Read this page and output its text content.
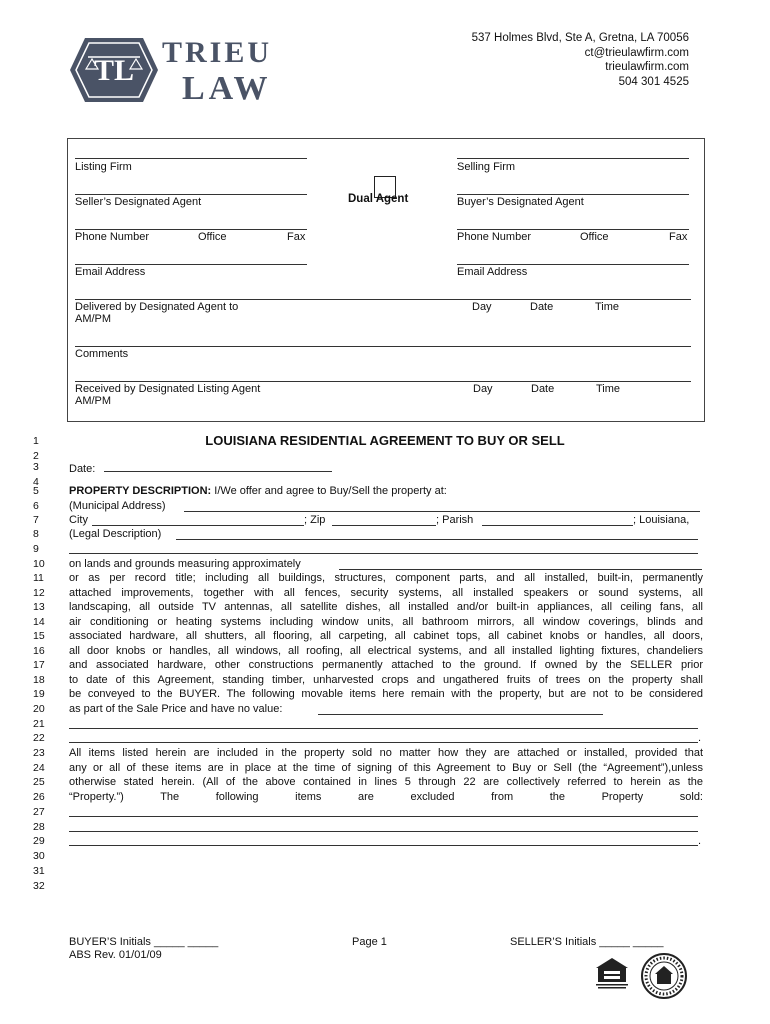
537 Holmes Blvd, Ste A, Gretna, LA 70056
ct@trieulawfirm.com
trieulawfirm.com
504 301 4525
TL
TRIEU
LAW
Listing Firm	Selling Firm
Seller’s Designated Agent	Buyer’s Designated Agent
Dual Agent
Phone Number	Office	Fax	Phone Number	Office	Fax
Email Address	Email Address
Delivered by Designated Agent to	Day	Date	Time
AM/PM
Comments
Received by Designated Listing Agent	Day	Date	Time
AM/PM
LOUISIANA RESIDENTIAL AGREEMENT TO BUY OR SELL
1
2
3
4
5
6
7
8
9
10
11
12
13
14
15
16
17
18
19
20
21
22
23
24
25
26
27
28
29
30
31
32
Date:
PROPERTY DESCRIPTION: I/We offer and agree to Buy/Sell the property at:
(Municipal Address)
City	; Zip	; Parish	; Louisiana,
(Legal Description)
on lands and grounds measuring approximately
or as per record title; including all buildings, structures, component parts, and all installed, built-in, permanently
attached improvements, together with all fences, security systems, all installed speakers or sound systems, all
landscaping, all outside TV antennas, all satellite dishes, all installed and/or built-in appliances, all ceiling fans, all
air conditioning or heating systems including window units, all bathroom mirrors, all window coverings, blinds and
associated hardware, all shutters, all flooring, all carpeting, all cabinet tops, all cabinet knobs or handles, all doors,
all door knobs or handles, all windows, all roofing, all electrical systems, and all installed lighting fixtures, chandeliers
and associated hardware, other constructions permanently attached to the ground. If owned by the SELLER prior
to date of this Agreement, standing timber, unharvested crops and ungathered fruits of trees on the property shall
be conveyed to the BUYER. The following movable items here remain with the property, but are not to be considered
as part of the Sale Price and have no value:
.
All items listed herein are included in the property sold no matter how they are attached or installed, provided that
any or all of these items are in place at the time of signing of this Agreement to Buy or Sell (the “Agreement”),unless
otherwise stated herein. (All of the above contained in lines 5 through 22 are collectively referred to herein as the
“Property.”) The following items are excluded from the Property sold:
.
BUYER’S Initials _____ _____
ABS Rev. 01/01/09
Page 1	SELLER’S Initials _____ _____
